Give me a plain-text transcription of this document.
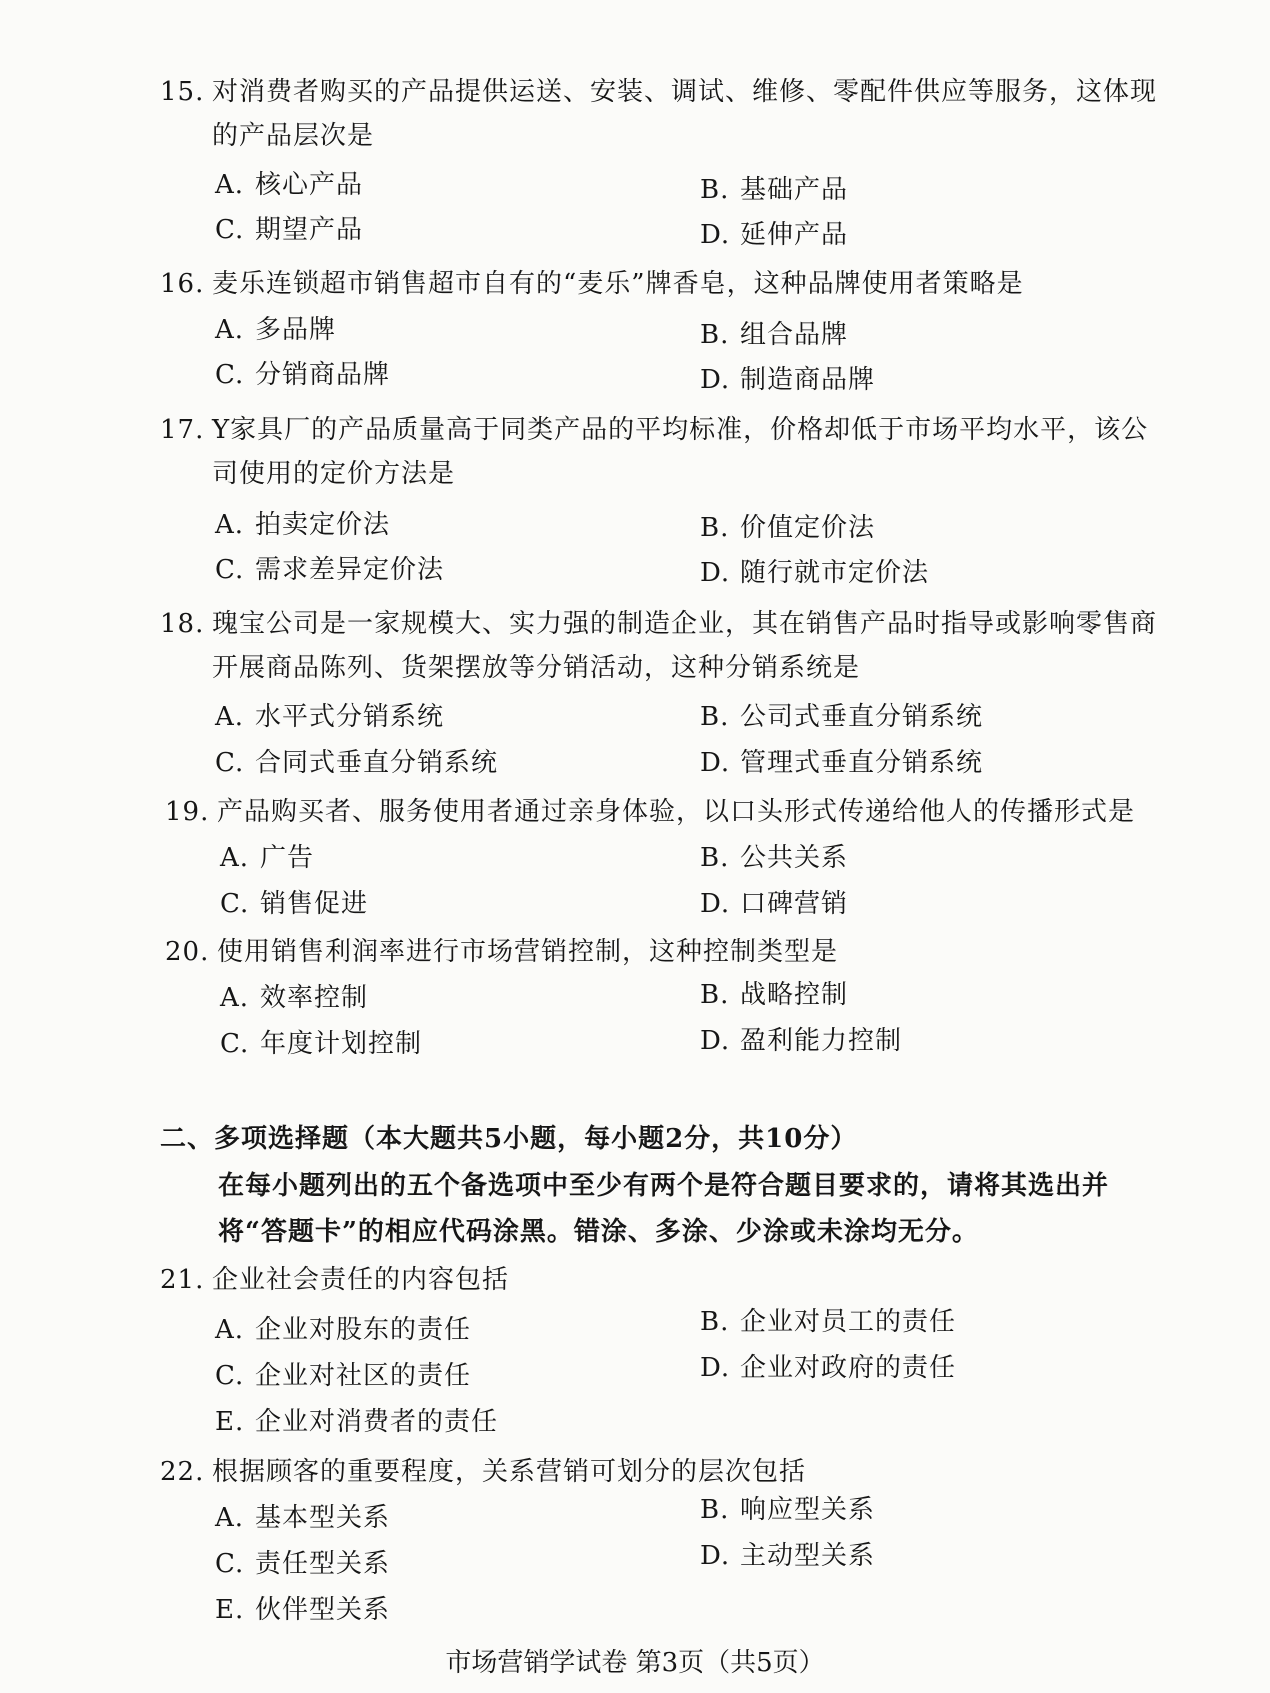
15. 对消费者购买的产品提供运送、安装、调试、维修、零配件供应等服务，这体现的产品层次是
A. 核心产品	B. 基础产品
C. 期望产品	D. 延伸产品
16. 麦乐连锁超市销售超市自有的“麦乐”牌香皂，这种品牌使用者策略是
A. 多品牌	B. 组合品牌
C. 分销商品牌	D. 制造商品牌
17. Y家具厂的产品质量高于同类产品的平均标准，价格却低于市场平均水平，该公司使用的定价方法是
A. 拍卖定价法	B. 价值定价法
C. 需求差异定价法	D. 随行就市定价法
18. 瑰宝公司是一家规模大、实力强的制造企业，其在销售产品时指导或影响零售商开展商品陈列、货架摆放等分销活动，这种分销系统是
A. 水平式分销系统	B. 公司式垂直分销系统
C. 合同式垂直分销系统	D. 管理式垂直分销系统
19. 产品购买者、服务使用者通过亲身体验，以口头形式传递给他人的传播形式是
A. 广告	B. 公共关系
C. 销售促进	D. 口碑营销
20. 使用销售利润率进行市场营销控制，这种控制类型是
A. 效率控制	B. 战略控制
C. 年度计划控制	D. 盈利能力控制
二、多项选择题（本大题共5小题，每小题2分，共10分）
在每小题列出的五个备选项中至少有两个是符合题目要求的，请将其选出并将“答题卡”的相应代码涂黑。错涂、多涂、少涂或未涂均无分。
21. 企业社会责任的内容包括
A. 企业对股东的责任	B. 企业对员工的责任
C. 企业对社区的责任	D. 企业对政府的责任
E. 企业对消费者的责任
22. 根据顾客的重要程度，关系营销可划分的层次包括
A. 基本型关系	B. 响应型关系
C. 责任型关系	D. 主动型关系
E. 伙伴型关系
市场营销学试卷 第3页（共5页）
